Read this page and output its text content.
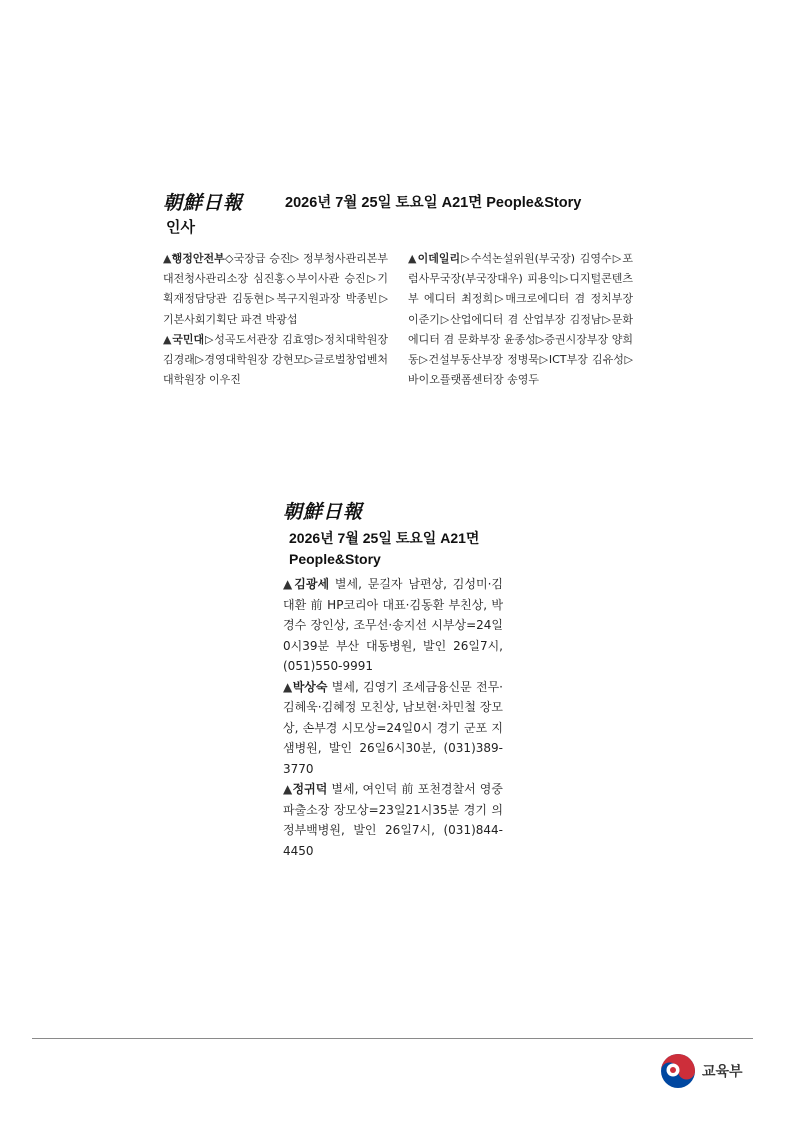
朝鮮日報	2026년 7월 25일 토요일 A21면 People&Story
인사

▲행정안전부◇국장급 승진▷ 정부청사관리본부 대전청사관리소장 심진홍◇부이사관 승진▷기획재정담당관 김동현▷복구지원과장 박종빈▷기본사회기획단 파견 박광섭

▲국민대▷성곡도서관장 김효영▷정치대학원장 김경래▷경영대학원장 강현모▷글로벌창업벤처대학원장 이우진

▲이데일리▷수석논설위원(부국장) 김영수▷포럼사무국장(부국장대우) 피용익▷디지털콘텐츠부 에디터 최정희▷매크로에디터 겸 정치부장 이준기▷산업에디터 겸 산업부장 김정남▷문화에디터 겸 문화부장 윤종성▷증권시장부장 양희동▷건설부동산부장 정병묵▷ICT부장 김유성▷바이오플랫폼센터장 송영두

朝鮮日報
2026년 7월 25일 토요일 A21면 People&Story

▲김광세 별세, 문길자 남편상, 김성미·김대환 前 HP코리아 대표·김동환 부친상, 박경수 장인상, 조무선·송지선 시부상=24일0시39분 부산 대동병원, 발인 26일7시, (051)550-9991

▲박상숙 별세, 김영기 조세금융신문 전무·김혜욱·김혜정 모친상, 남보현·차민철 장모상, 손부경 시모상=24일0시 경기 군포 지샘병원, 발인 26일6시30분, (031)389-3770

▲정귀덕 별세, 여인덕 前 포천경찰서 영중파출소장 장모상=23일21시35분 경기 의정부백병원, 발인 26일7시, (031)844-4450

교육부
